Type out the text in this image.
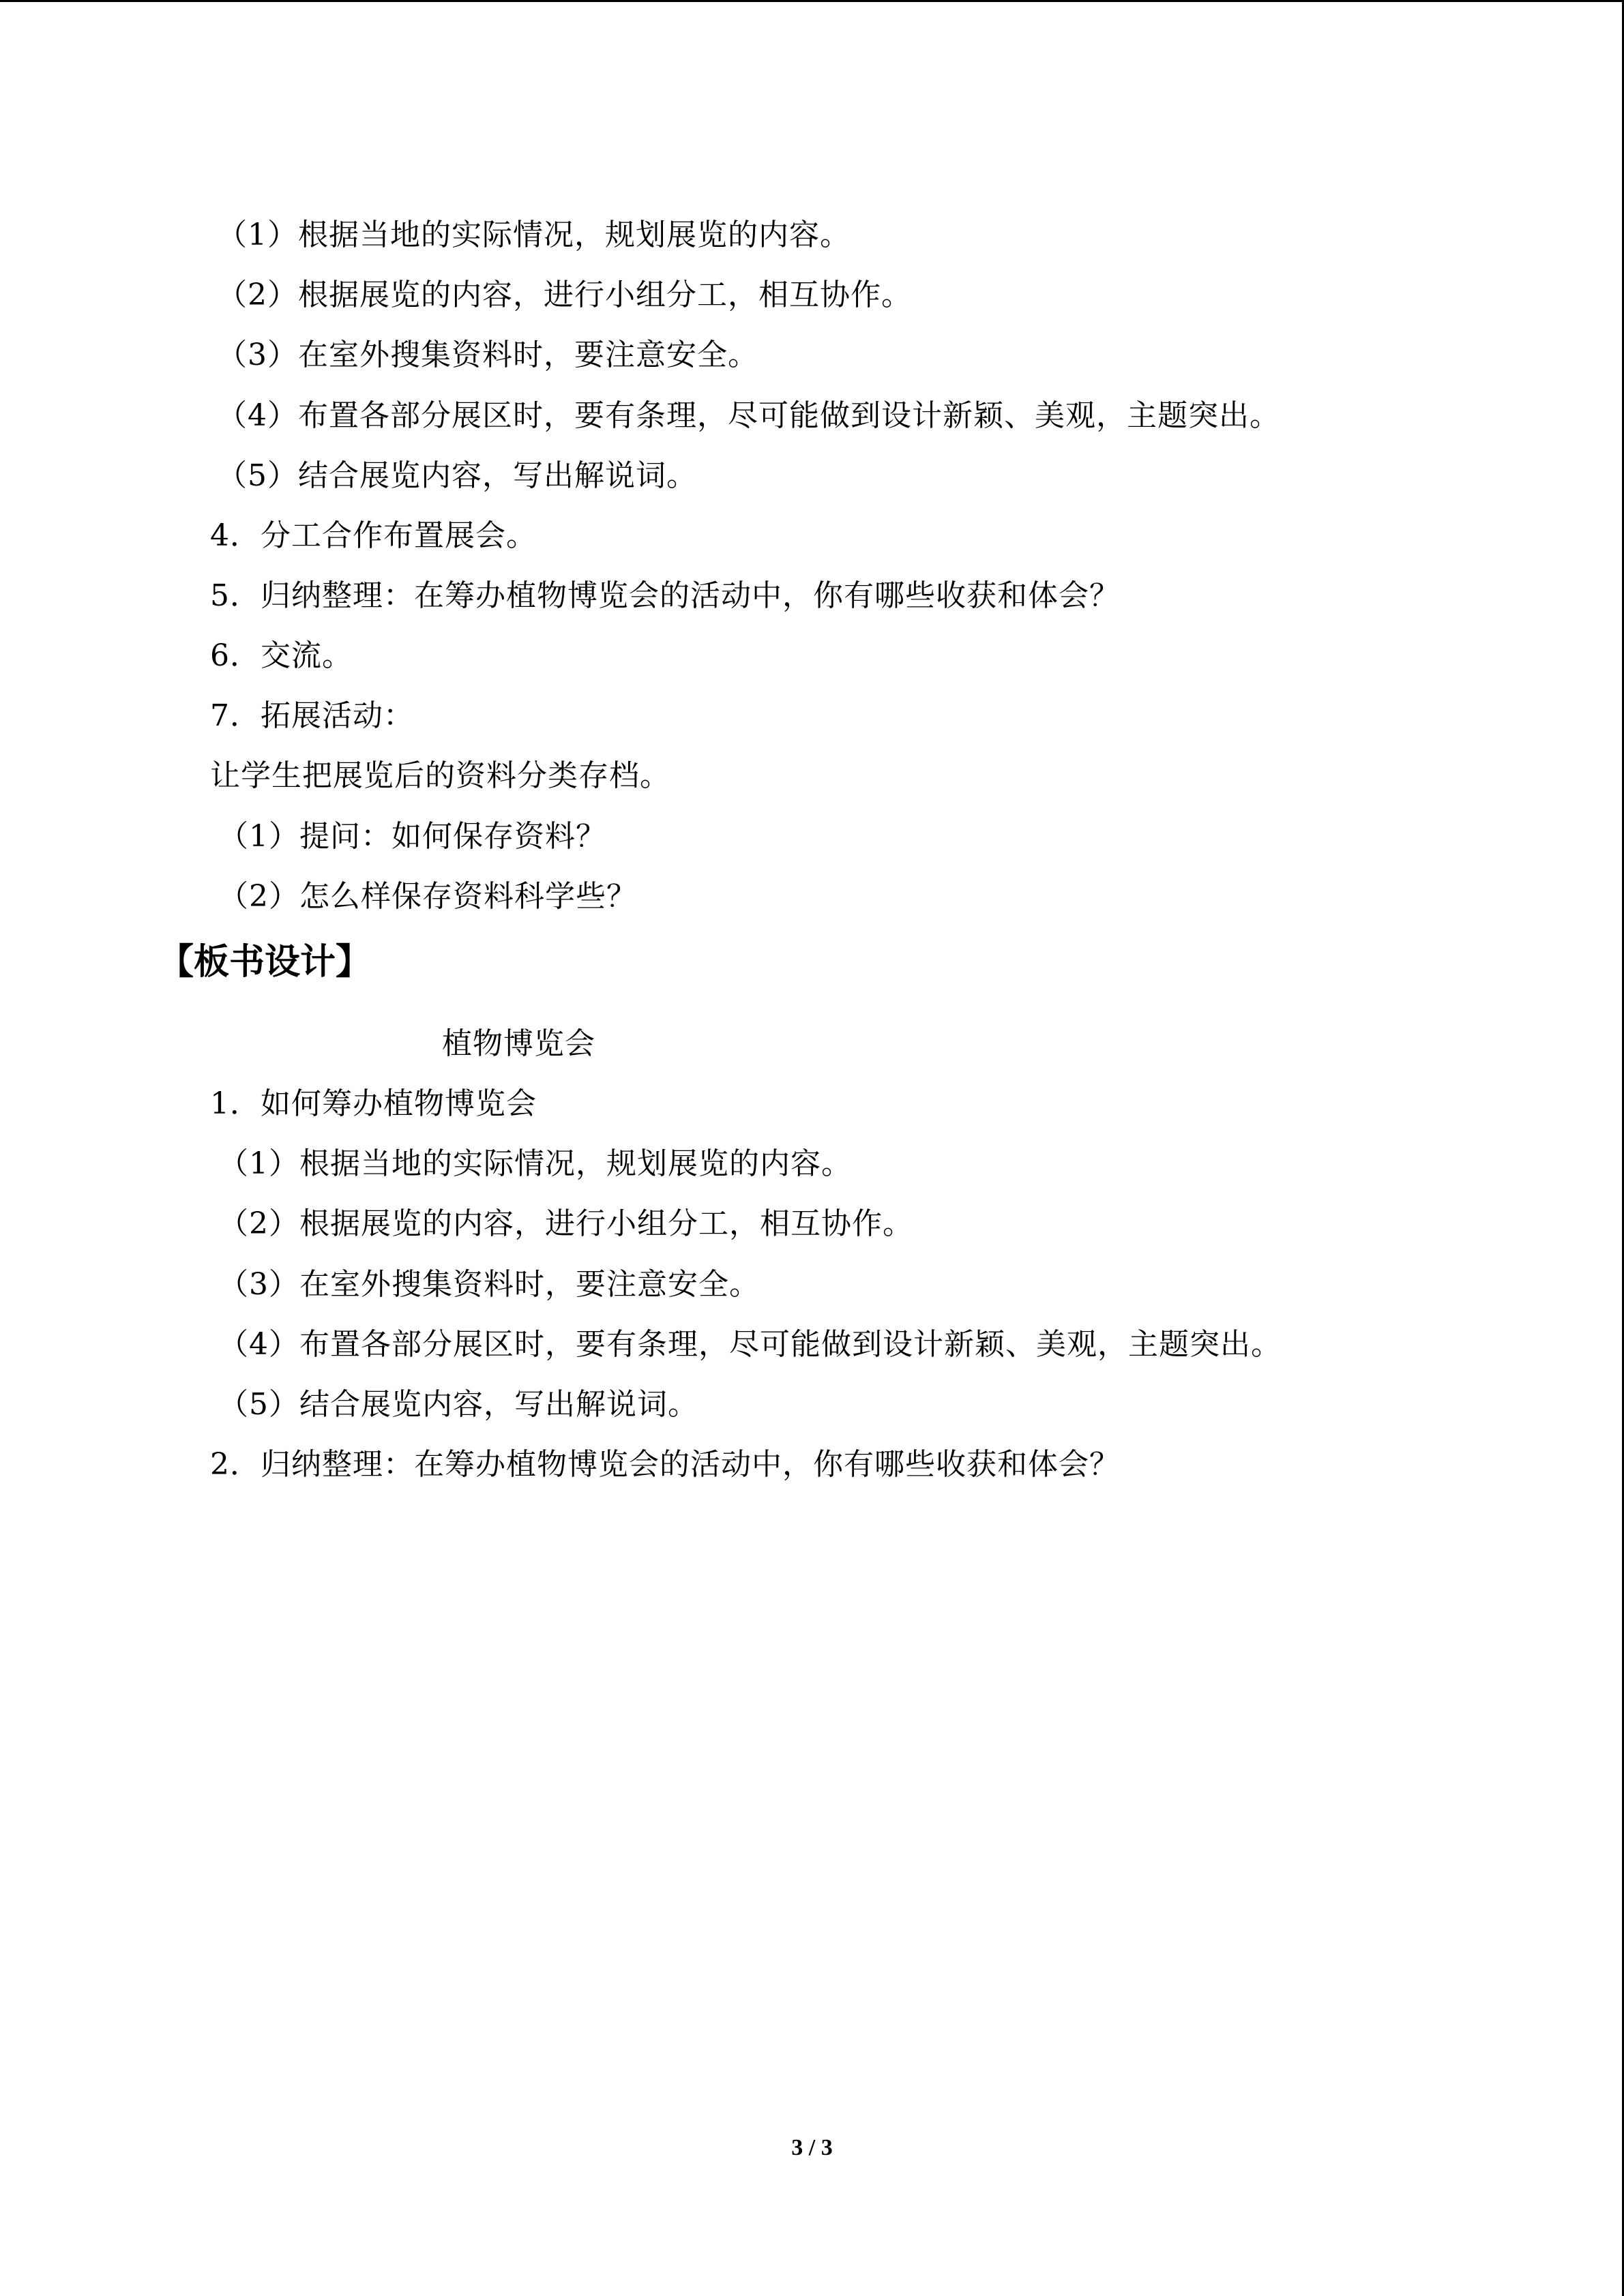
（1）根据当地的实际情况，规划展览的内容。
（2）根据展览的内容，进行小组分工，相互协作。
（3）在室外搜集资料时，要注意安全。
（4）布置各部分展区时，要有条理，尽可能做到设计新颖、美观，主题突出。
（5）结合展览内容，写出解说词。
4．分工合作布置展会。
5．归纳整理：在筹办植物博览会的活动中，你有哪些收获和体会？
6．交流。
7．拓展活动：
让学生把展览后的资料分类存档。
（1）提问：如何保存资料？
（2）怎么样保存资料科学些？
【板书设计】
植物博览会
1．如何筹办植物博览会
（1）根据当地的实际情况，规划展览的内容。
（2）根据展览的内容，进行小组分工，相互协作。
（3）在室外搜集资料时，要注意安全。
（4）布置各部分展区时，要有条理，尽可能做到设计新颖、美观，主题突出。
（5）结合展览内容，写出解说词。
2．归纳整理：在筹办植物博览会的活动中，你有哪些收获和体会？
3 / 3
